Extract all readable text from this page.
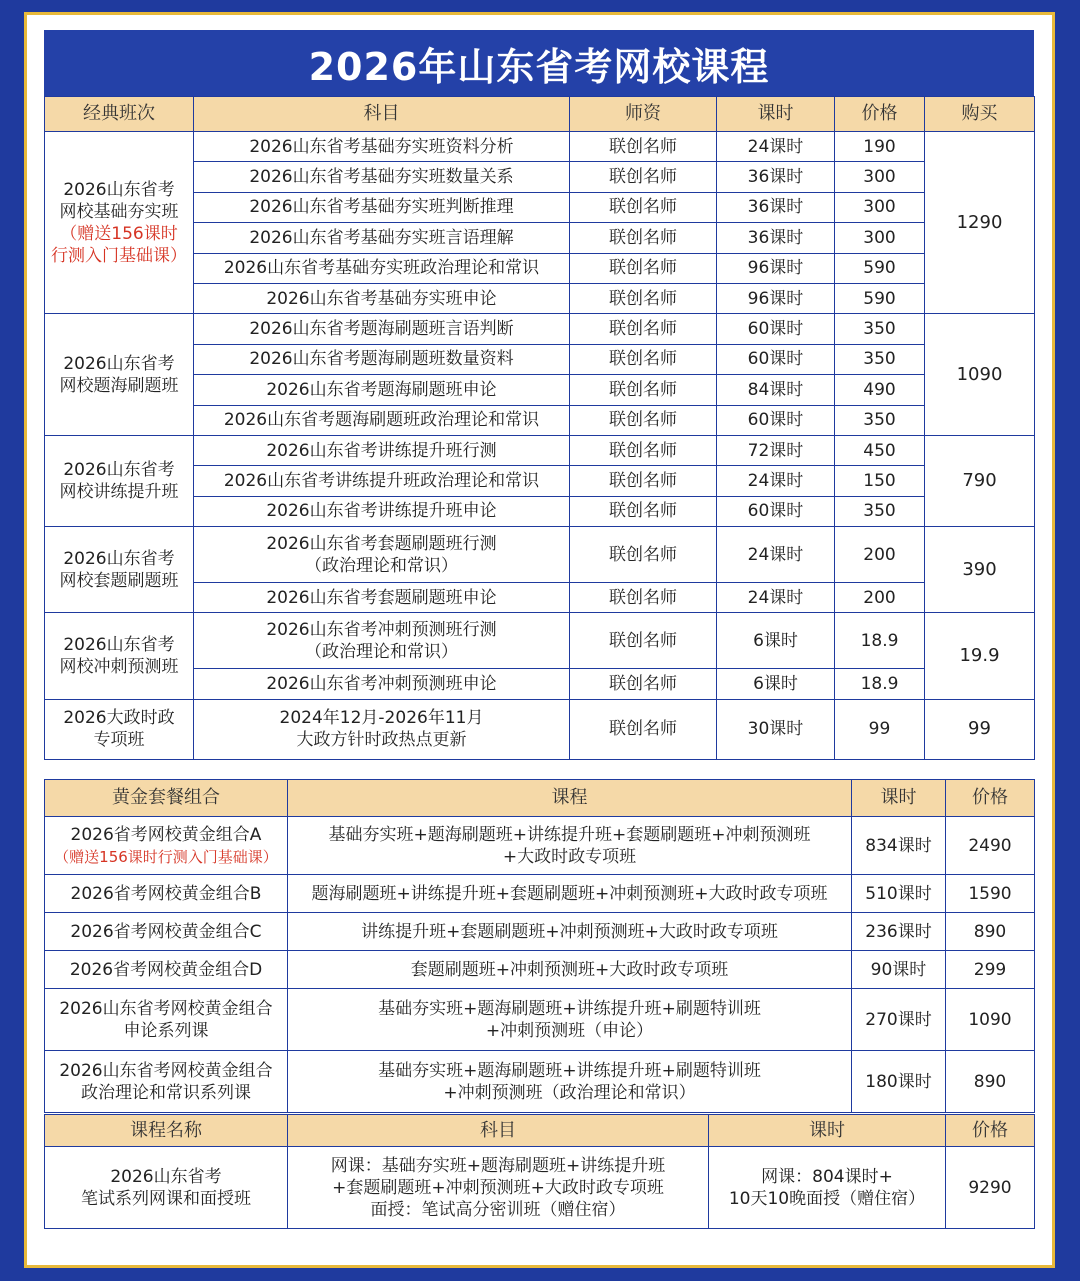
2026年山东省考网校课程
经典班次	科目	师资	课时	价格	购买

2026山东省考
网校基础夯实班
（赠送156课时
行测入门基础课）	2026山东省考基础夯实班资料分析	联创名师	24课时	190	1290
	2026山东省考基础夯实班数量关系	联创名师	36课时	300	
	2026山东省考基础夯实班判断推理	联创名师	36课时	300	
	2026山东省考基础夯实班言语理解	联创名师	36课时	300	
	2026山东省考基础夯实班政治理论和常识	联创名师	96课时	590	
	2026山东省考基础夯实班申论	联创名师	96课时	590	

2026山东省考
网校题海刷题班	2026山东省考题海刷题班言语判断	联创名师	60课时	350	1090
	2026山东省考题海刷题班数量资料	联创名师	60课时	350	
	2026山东省考题海刷题班申论	联创名师	84课时	490	
	2026山东省考题海刷题班政治理论和常识	联创名师	60课时	350	

2026山东省考
网校讲练提升班	2026山东省考讲练提升班行测	联创名师	72课时	450	790
	2026山东省考讲练提升班政治理论和常识	联创名师	24课时	150	
	2026山东省考讲练提升班申论	联创名师	60课时	350	

2026山东省考
网校套题刷题班	2026山东省考套题刷题班行测
（政治理论和常识）	联创名师	24课时	200	390
	2026山东省考套题刷题班申论	联创名师	24课时	200	

2026山东省考
网校冲刺预测班	2026山东省考冲刺预测班行测
（政治理论和常识）	联创名师	6课时	18.9	19.9
	2026山东省考冲刺预测班申论	联创名师	6课时	18.9	

2026大政时政
专项班	2024年12月-2026年11月
大政方针时政热点更新	联创名师	30课时	99	99
黄金套餐组合	课程	课时	价格

2026省考网校黄金组合A
（赠送156课时行测入门基础课）	基础夯实班+题海刷题班+讲练提升班+套题刷题班+冲刺预测班
+大政时政专项班	834课时	2490

2026省考网校黄金组合B	题海刷题班+讲练提升班+套题刷题班+冲刺预测班+大政时政专项班	510课时	1590

2026省考网校黄金组合C	讲练提升班+套题刷题班+冲刺预测班+大政时政专项班	236课时	890

2026省考网校黄金组合D	套题刷题班+冲刺预测班+大政时政专项班	90课时	299

2026山东省考网校黄金组合
申论系列课	基础夯实班+题海刷题班+讲练提升班+刷题特训班
+冲刺预测班（申论）	270课时	1090

2026山东省考网校黄金组合
政治理论和常识系列课	基础夯实班+题海刷题班+讲练提升班+刷题特训班
+冲刺预测班（政治理论和常识）	180课时	890
课程名称	科目	课时	价格
2026山东省考
笔试系列网课和面授班	网课：基础夯实班+题海刷题班+讲练提升班
+套题刷题班+冲刺预测班+大政时政专项班
面授：笔试高分密训班（赠住宿）	网课：804课时+
10天10晚面授（赠住宿）	9290
